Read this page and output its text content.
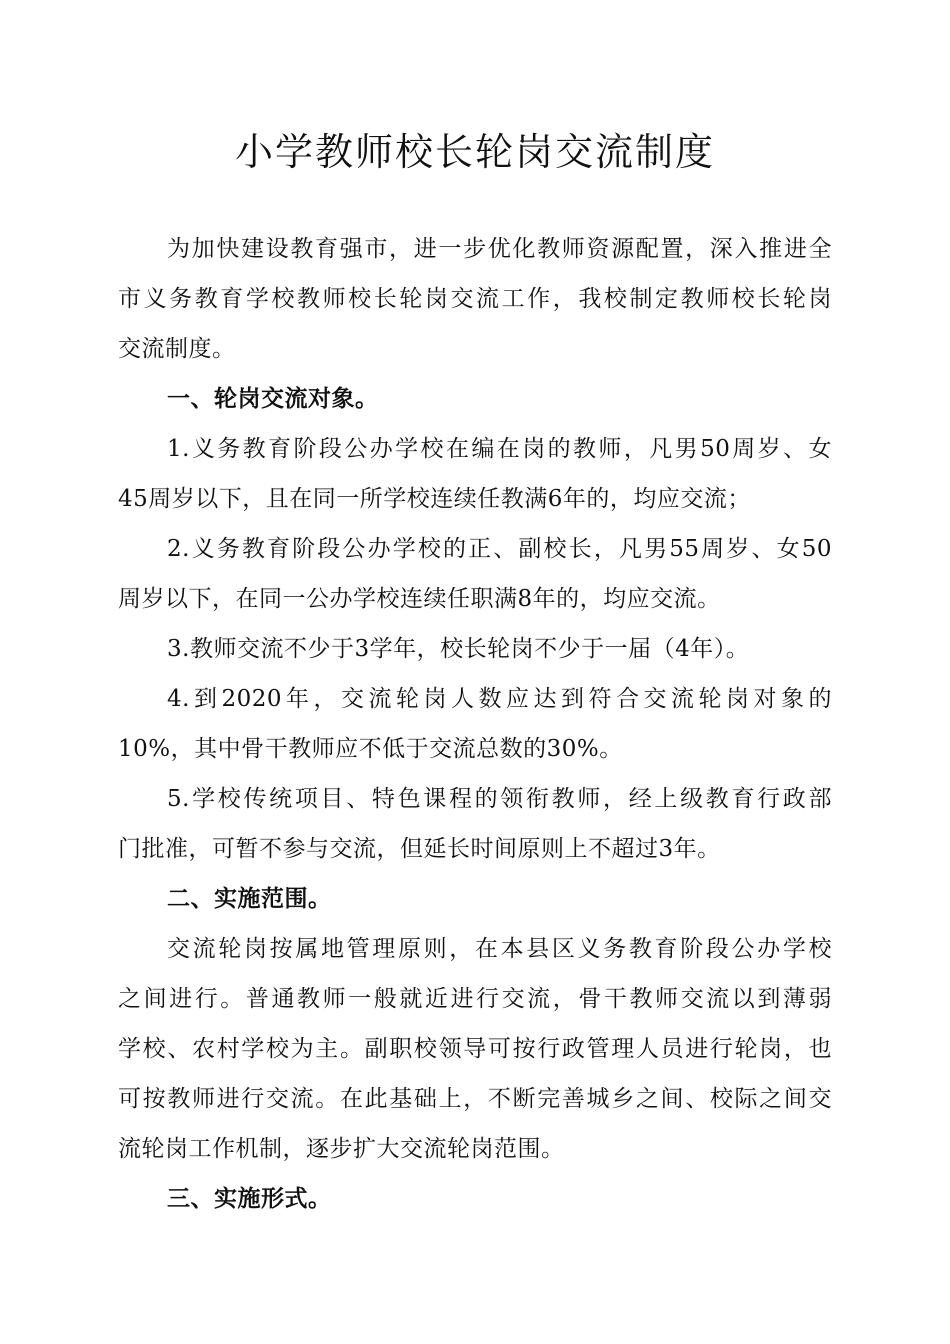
小学教师校长轮岗交流制度
为加快建设教育强市，进一步优化教师资源配置，深入推进全
市义务教育学校教师校长轮岗交流工作，我校制定教师校长轮岗
交流制度。
一、轮岗交流对象。
1.义务教育阶段公办学校在编在岗的教师，凡男50周岁、女
45周岁以下，且在同一所学校连续任教满6年的，均应交流；
2.义务教育阶段公办学校的正、副校长，凡男55周岁、女50
周岁以下，在同一公办学校连续任职满8年的，均应交流。
3.教师交流不少于3学年，校长轮岗不少于一届（4年）。
4.到2020年，交流轮岗人数应达到符合交流轮岗对象的
10%，其中骨干教师应不低于交流总数的30%。
5.学校传统项目、特色课程的领衔教师，经上级教育行政部
门批准，可暂不参与交流，但延长时间原则上不超过3年。
二、实施范围。
交流轮岗按属地管理原则，在本县区义务教育阶段公办学校
之间进行。普通教师一般就近进行交流，骨干教师交流以到薄弱
学校、农村学校为主。副职校领导可按行政管理人员进行轮岗，也
可按教师进行交流。在此基础上，不断完善城乡之间、校际之间交
流轮岗工作机制，逐步扩大交流轮岗范围。
三、实施形式。
